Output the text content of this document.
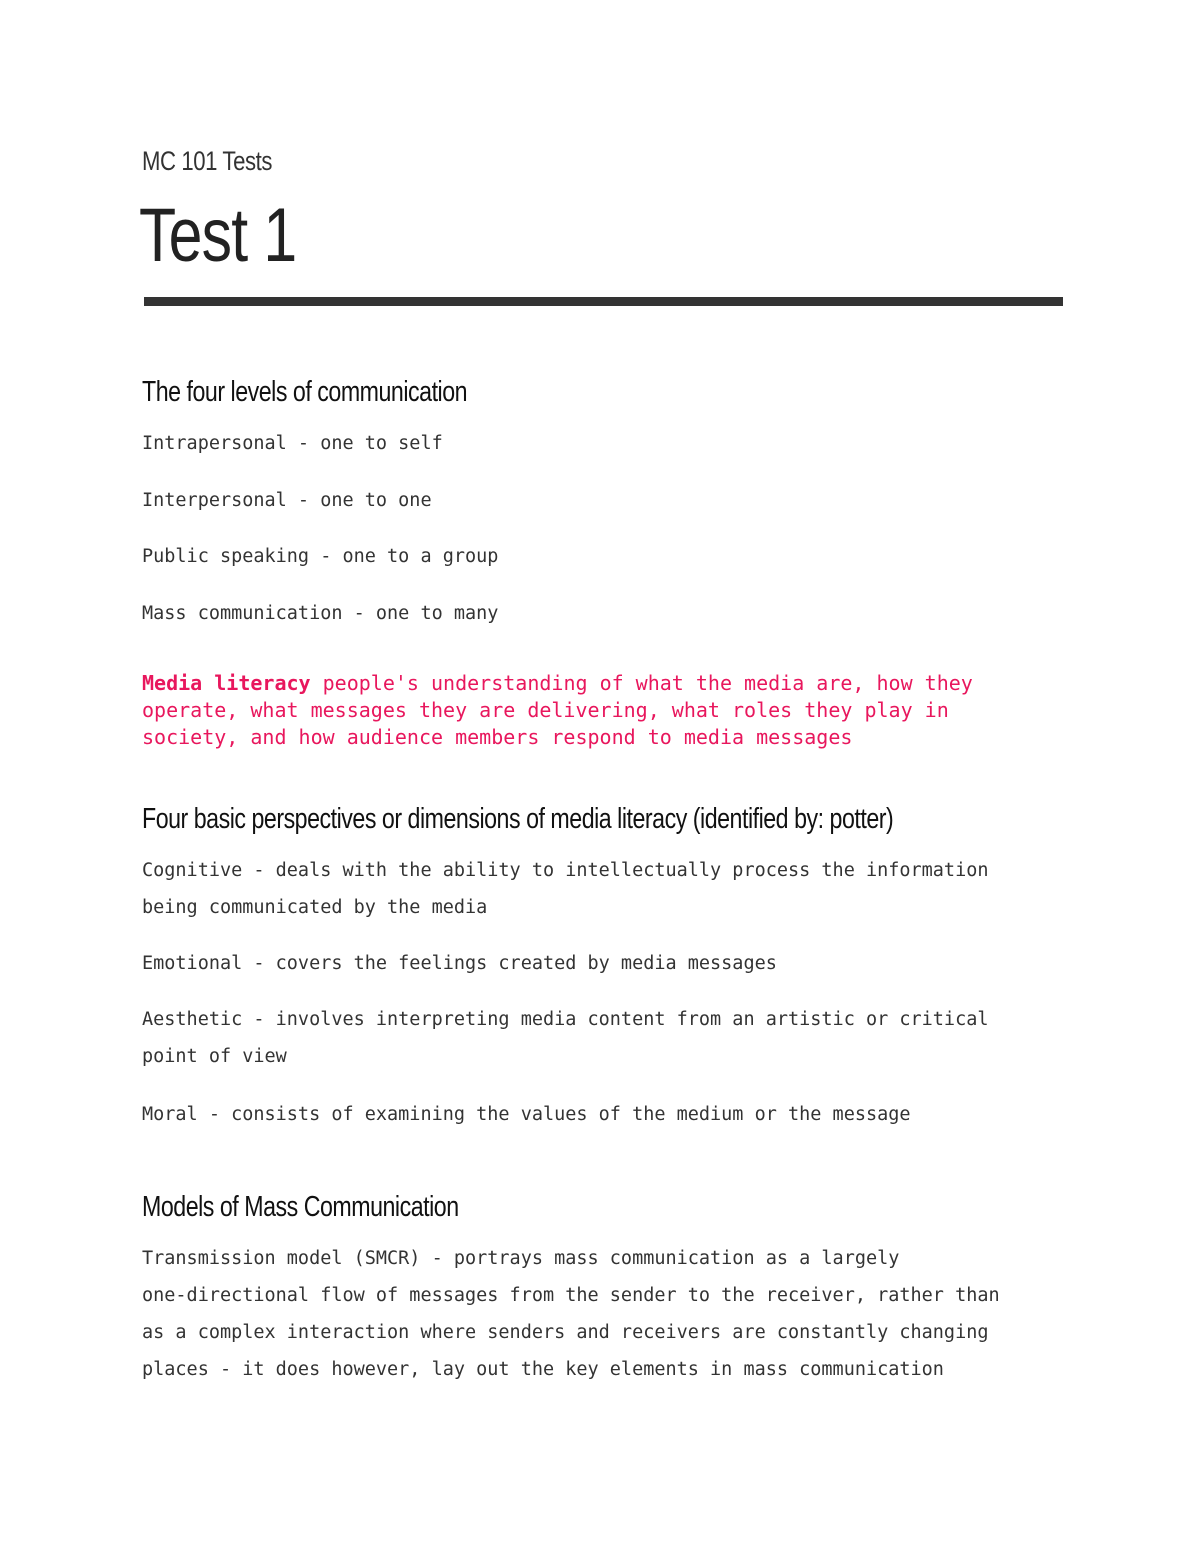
MC 101 Tests
Test 1
The four levels of communication

Intrapersonal - one to self

Interpersonal - one to one

Public speaking - one to a group

Mass communication - one to many

Media literacy people's understanding of what the media are, how they
operate, what messages they are delivering, what roles they play in
society, and how audience members respond to media messages
Four basic perspectives or dimensions of media literacy (identified by: potter)

Cognitive - deals with the ability to intellectually process the information
being communicated by the media

Emotional - covers the feelings created by media messages

Aesthetic - involves interpreting media content from an artistic or critical
point of view

Moral - consists of examining the values of the medium or the message

Models of Mass Communication

Transmission model (SMCR) - portrays mass communication as a largely
one-directional flow of messages from the sender to the receiver, rather than
as a complex interaction where senders and receivers are constantly changing
places - it does however, lay out the key elements in mass communication
